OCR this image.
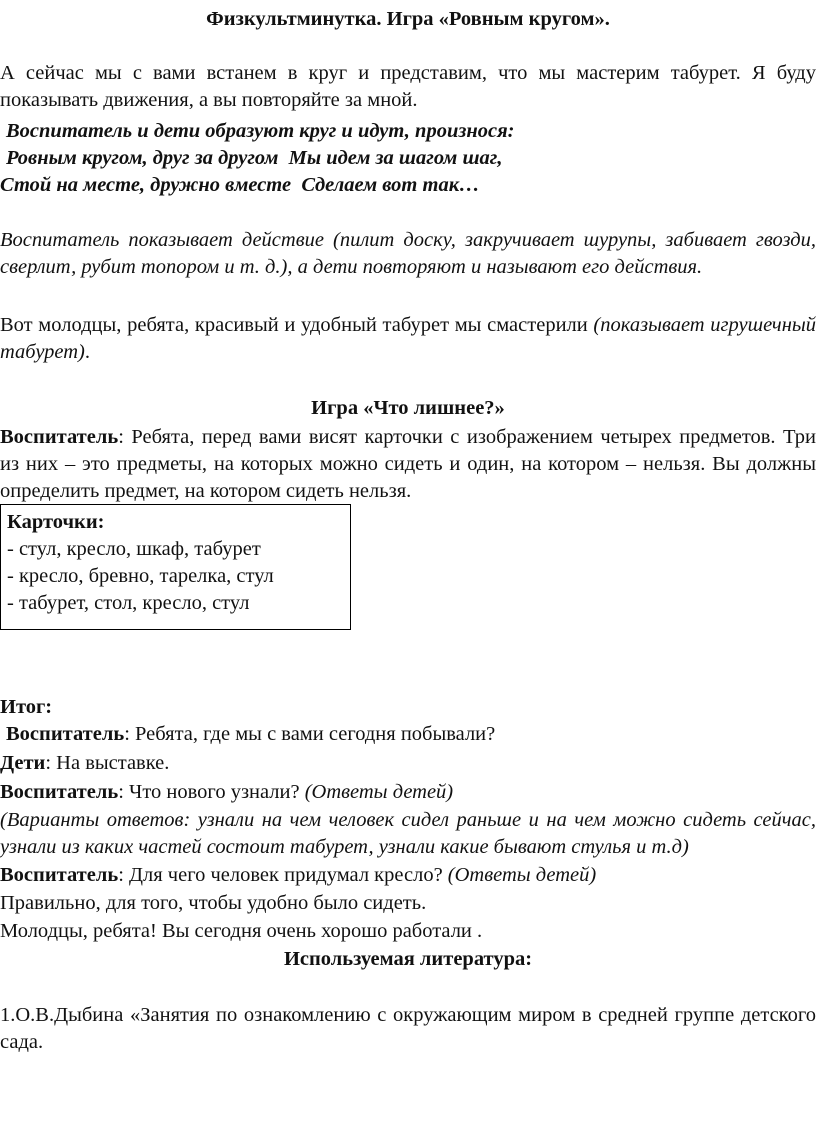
Физкультминутка. Игра «Ровным кругом».

А сейчас мы с вами встанем в круг и представим, что мы мастерим табурет. Я буду показывать движения, а вы повторяйте за мной.

Воспитатель и дети образуют круг и идут, произнося:

Ровным кругом, друг за другом  Мы идем за шагом шаг,

Стой на месте, дружно вместе  Сделаем вот так…

Воспитатель показывает действие (пилит доску, закручивает шурупы, забивает гвозди, сверлит, рубит топором и т. д.), а дети повторяют и называют его действия.

Вот молодцы, ребята, красивый и удобный табурет мы смастерили (показывает игрушечный табурет).

Игра «Что лишнее?»

Воспитатель: Ребята, перед вами висят карточки с изображением четырех предметов. Три из них – это предметы, на которых можно сидеть и один, на котором – нельзя. Вы должны определить предмет, на котором сидеть нельзя.

Карточки:
- стул, кресло, шкаф, табурет
- кресло, бревно, тарелка, стул
- табурет, стол, кресло, стул

Итог:

Воспитатель: Ребята, где мы с вами сегодня побывали?

Дети: На выставке.

Воспитатель: Что нового узнали? (Ответы детей)

(Варианты ответов: узнали на чем человек сидел раньше и на чем можно сидеть сейчас, узнали из каких частей состоит табурет, узнали какие бывают стулья и т.д)

Воспитатель: Для чего человек придумал кресло? (Ответы детей)

Правильно, для того, чтобы удобно было сидеть.

Молодцы, ребята! Вы сегодня очень хорошо работали .

Используемая литература:

1.О.В.Дыбина «Занятия по ознакомлению с окружающим миром в средней группе детского сада.
